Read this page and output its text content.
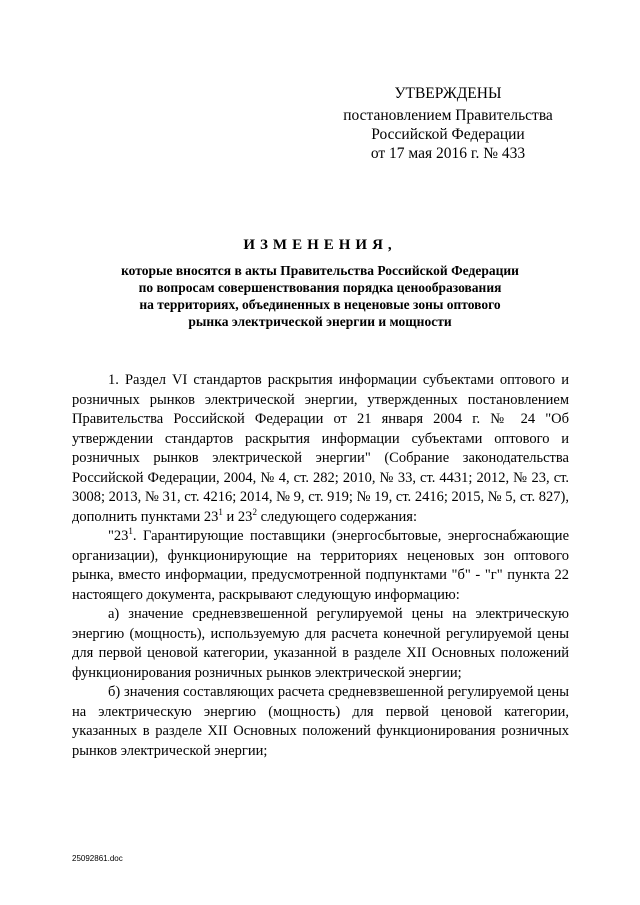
УТВЕРЖДЕНЫ
постановлением Правительства
Российской Федерации
от 17 мая 2016 г. № 433
ИЗМЕНЕНИЯ,
которые вносятся в акты Правительства Российской Федерации
по вопросам совершенствования порядка ценообразования
на территориях, объединенных в неценовые зоны оптового
рынка электрической энергии и мощности
1. Раздел VI стандартов раскрытия информации субъектами оптового и розничных рынков электрической энергии, утвержденных постановлением Правительства Российской Федерации от 21 января 2004 г. № 24 "Об утверждении стандартов раскрытия информации субъектами оптового и розничных рынков электрической энергии" (Собрание законодательства Российской Федерации, 2004, № 4, ст. 282; 2010, № 33, ст. 4431; 2012, № 23, ст. 3008; 2013, № 31, ст. 4216; 2014, № 9, ст. 919; № 19, ст. 2416; 2015, № 5, ст. 827), дополнить пунктами $23^1$ и $23^2$ следующего содержания:
"$23^1$. Гарантирующие поставщики (энергосбытовые, энергоснабжающие организации), функционирующие на территориях неценовых зон оптового рынка, вместо информации, предусмотренной подпунктами "б" - "г" пункта 22 настоящего документа, раскрывают следующую информацию:
а) значение средневзвешенной регулируемой цены на электрическую энергию (мощность), используемую для расчета конечной регулируемой цены для первой ценовой категории, указанной в разделе XII Основных положений функционирования розничных рынков электрической энергии;
б) значения составляющих расчета средневзвешенной регулируемой цены на электрическую энергию (мощность) для первой ценовой категории, указанных в разделе XII Основных положений функционирования розничных рынков электрической энергии;
25092861.doc
